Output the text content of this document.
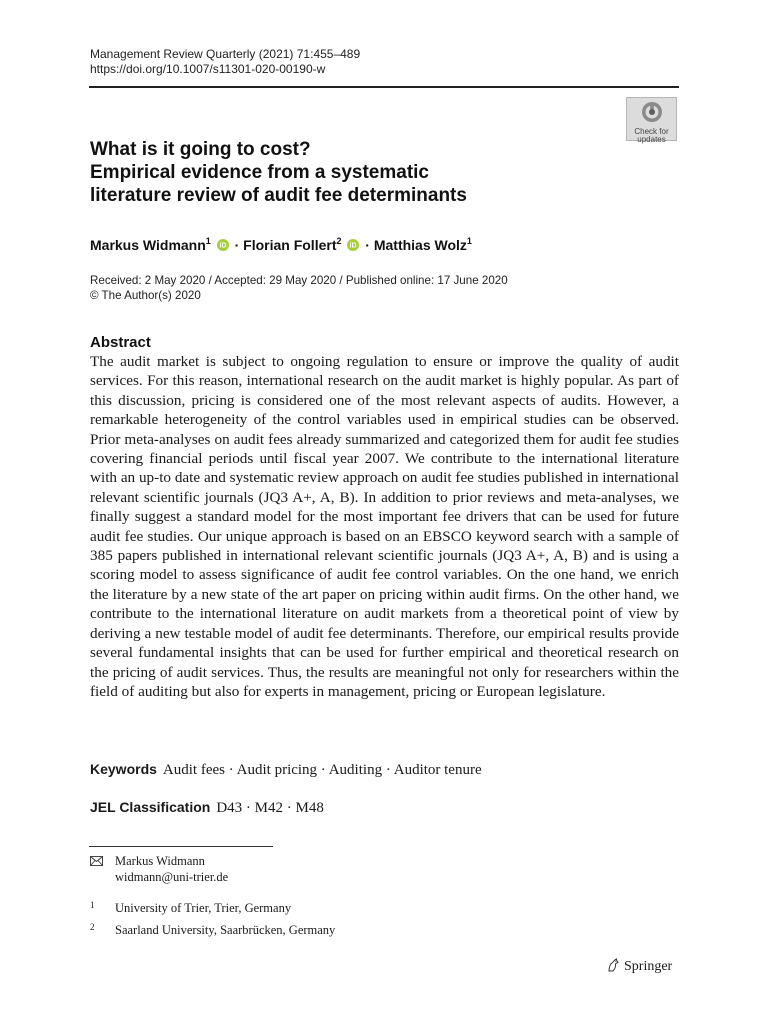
Management Review Quarterly (2021) 71:455–489
https://doi.org/10.1007/s11301-020-00190-w
Check for
updates
What is it going to cost?
Empirical evidence from a systematic
literature review of audit fee determinants
Markus Widmann$^1$
iD · Florian Follert$^2$
iD · Matthias Wolz$^1$
Received: 2 May 2020 / Accepted: 29 May 2020 / Published online: 17 June 2020
© The Author(s) 2020
Abstract
The audit market is subject to ongoing regulation to ensure or improve the quality of audit services. For this reason, international research on the audit market is highly popular. As part of this discussion, pricing is considered one of the most relevant aspects of audits. However, a remarkable heterogeneity of the control variables used in empirical studies can be observed. Prior meta-analyses on audit fees already summarized and categorized them for audit fee studies covering financial periods until fiscal year 2007. We contribute to the international literature with an up-to date and systematic review approach on audit fee studies published in international relevant scientific journals (JQ3 A+, A, B). In addition to prior reviews and meta-analyses, we finally suggest a standard model for the most important fee drivers that can be used for future audit fee studies. Our unique approach is based on an EBSCO keyword search with a sample of 385 papers published in international relevant scientific journals (JQ3 A+, A, B) and is using a scoring model to assess significance of audit fee control variables. On the one hand, we enrich the literature by a new state of the art paper on pricing within audit firms. On the other hand, we contribute to the international literature on audit markets from a theoretical point of view by deriving a new testable model of audit fee determinants. Therefore, our empirical results provide several fundamental insights that can be used for further empirical and theoretical research on the pricing of audit services. Thus, the results are meaningful not only for researchers within the field of auditing but also for experts in management, pricing or European legislature.
Keywords Audit fees · Audit pricing · Auditing · Auditor tenure
JEL Classification D43 · M42 · M48
Markus Widmann
widmann@uni-trier.de
1 University of Trier, Trier, Germany
2 Saarland University, Saarbrücken, Germany
Springer
